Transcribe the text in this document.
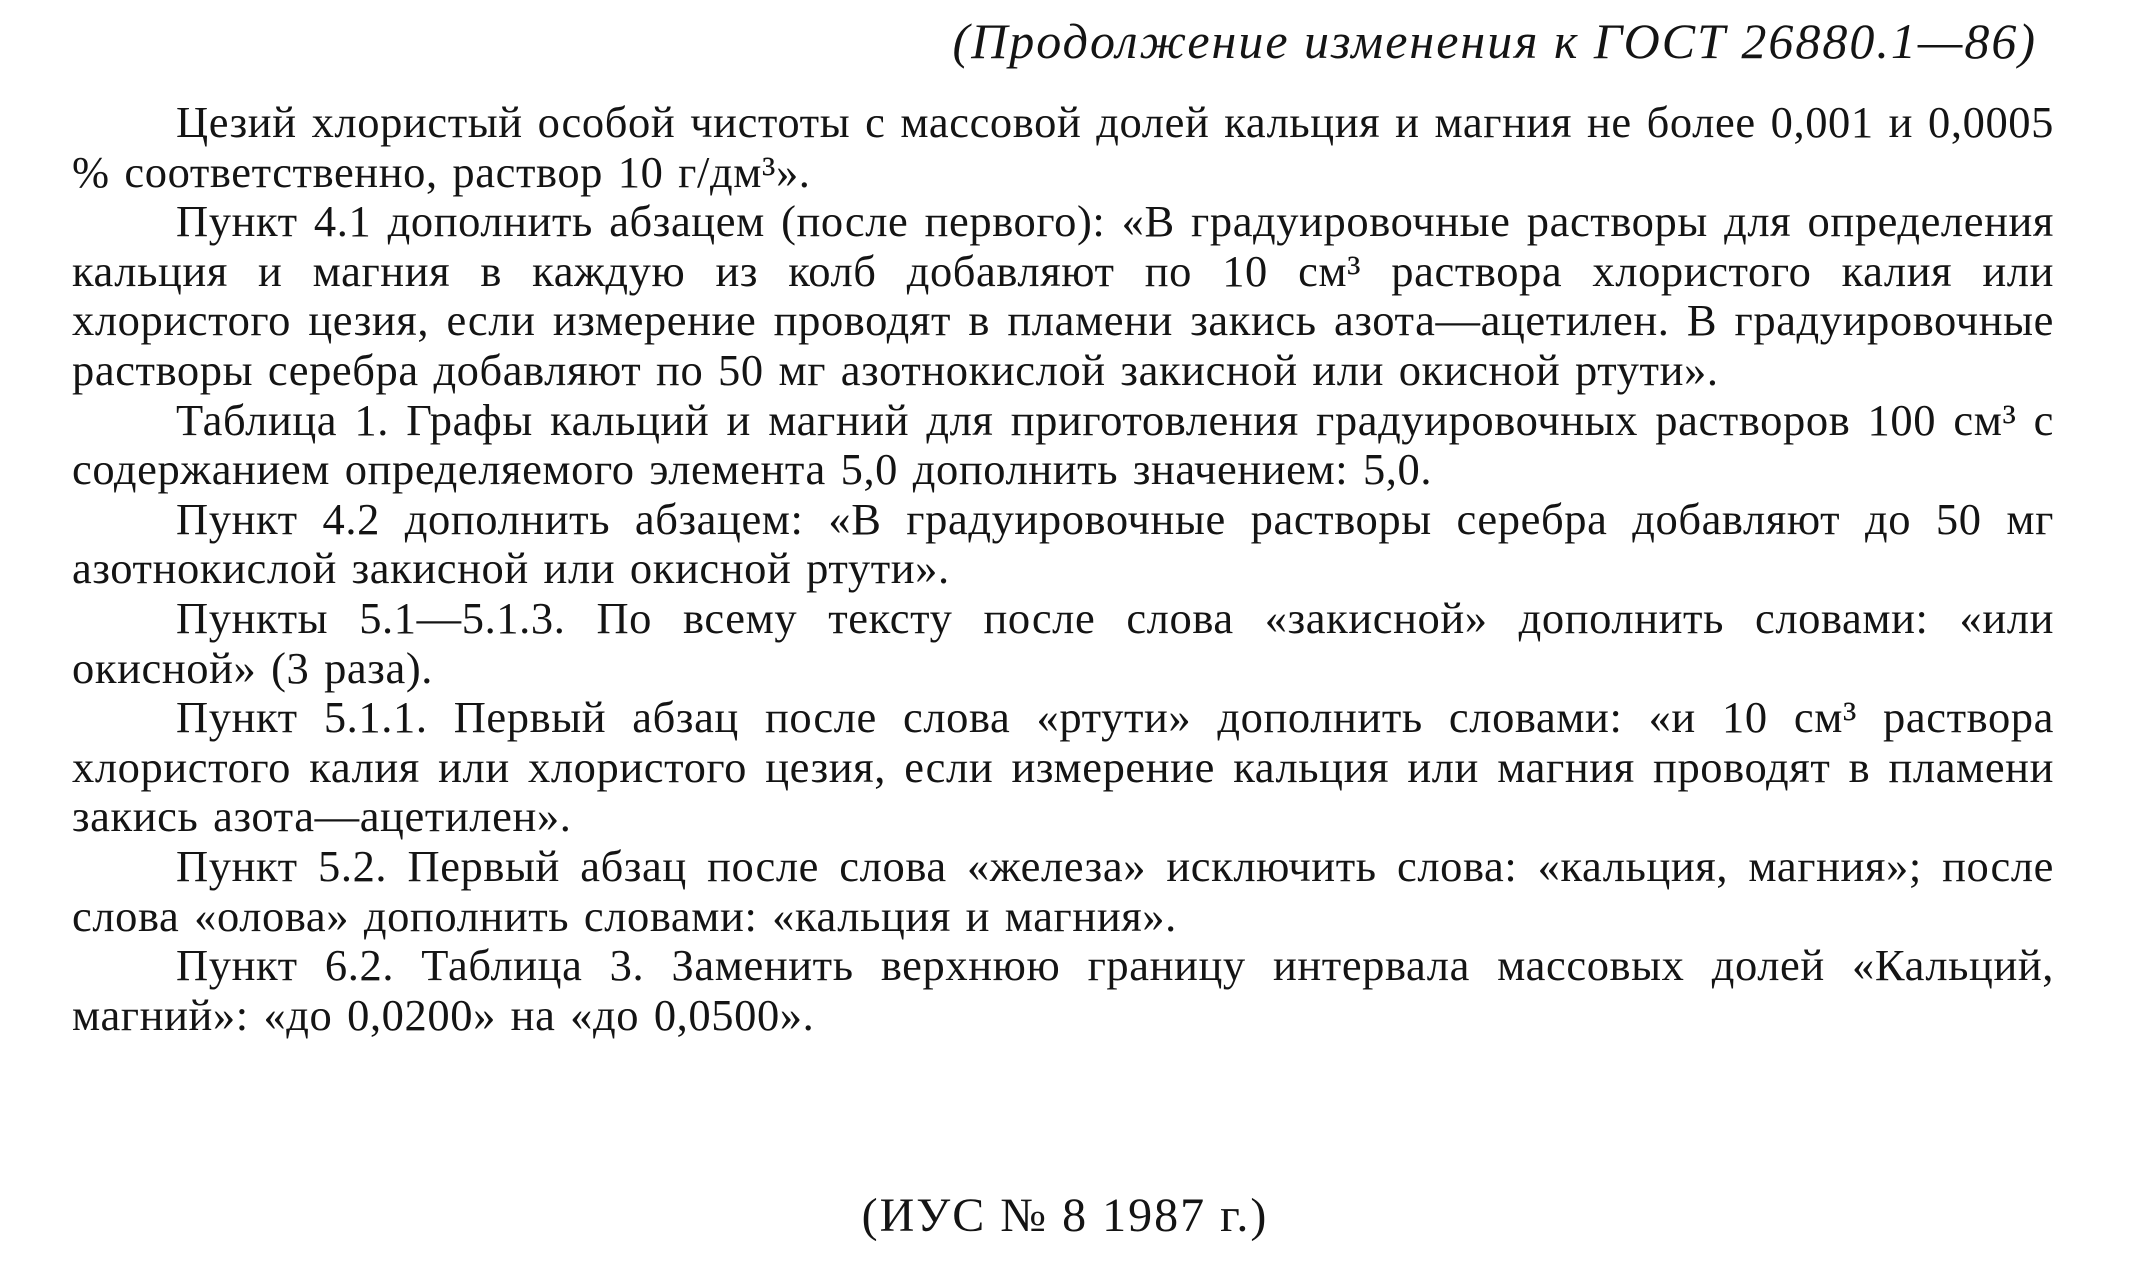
(Продолжение изменения к ГОСТ 26880.1—86)

Цезий хлористый особой чистоты с массовой долей кальция и магния не более 0,001 и 0,0005 % соответственно, раствор 10 г/дм³».

Пункт 4.1 дополнить абзацем (после первого): «В градуировочные растворы для определения кальция и магния в каждую из колб добавляют по 10 см³ раствора хлористого калия или хлористого цезия, если измерение проводят в пламени закись азота—ацетилен. В градуировочные растворы серебра добавляют по 50 мг азотнокислой закисной или окисной ртути».

Таблица 1. Графы кальций и магний для приготовления градуировочных растворов 100 см³ с содержанием определяемого элемента 5,0 дополнить значением: 5,0.

Пункт 4.2 дополнить абзацем: «В градуировочные растворы серебра добавляют до 50 мг азотнокислой закисной или окисной ртути».

Пункты 5.1—5.1.3. По всему тексту после слова «закисной» дополнить словами: «или окисной» (3 раза).

Пункт 5.1.1. Первый абзац после слова «ртути» дополнить словами: «и 10 см³ раствора хлористого калия или хлористого цезия, если измерение кальция или магния проводят в пламени закись азота—ацетилен».

Пункт 5.2. Первый абзац после слова «железа» исключить слова: «кальция, магния»; после слова «олова» дополнить словами: «кальция и магния».

Пункт 6.2. Таблица 3. Заменить верхнюю границу интервала массовых долей «Кальций, магний»: «до 0,0200» на «до 0,0500».

(ИУС № 8 1987 г.)
